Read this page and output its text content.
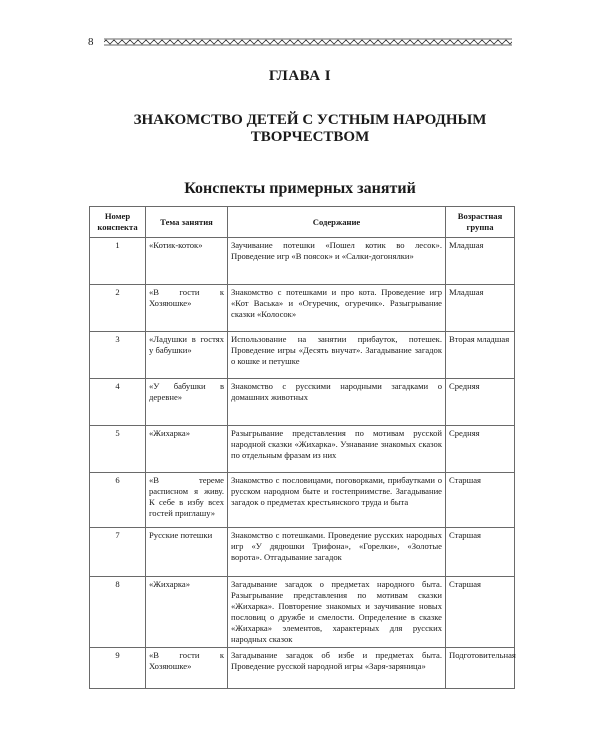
8
ГЛАВА I
ЗНАКОМСТВО ДЕТЕЙ С УСТНЫМ НАРОДНЫМ ТВОРЧЕСТВОМ
Конспекты примерных занятий
Номер конспекта	Тема занятия	Содержание	Возрастная группа
1	«Котик-коток»	Заучивание потешки «Пошел котик во лесок». Проведение игр «В поясок» и «Салки-догонялки»	Младшая
2	«В гости к Хозяюшке»	Знакомство с потешками и про кота. Проведение игр «Кот Васька» и «Огуречик, огуречик». Разыгрывание сказки «Колосок»	Младшая
3	«Ладушки в гостях у бабушки»	Использование на занятии прибауток, потешек. Проведение игры «Десять внучат». Загадывание загадок о кошке и петушке	Вторая младшая
4	«У бабушки в деревне»	Знакомство с русскими народными загадками о домашних животных	Средняя
5	«Жихарка»	Разыгрывание представления по мотивам русской народной сказки «Жихарка». Узнавание знакомых сказок по отдельным фразам из них	Средняя
6	«В тереме расписном я живу. К себе в избу всех гостей приглашу»	Знакомство с пословицами, поговорками, прибаутками о русском народном быте и гостеприимстве. Загадывание загадок о предметах крестьянского труда и быта	Старшая
7	Русские потешки	Знакомство с потешками. Проведение русских народных игр «У дядюшки Трифона», «Горелки», «Золотые ворота». Отгадывание загадок	Старшая
8	«Жихарка»	Загадывание загадок о предметах народного быта. Разыгрывание представления по мотивам сказки «Жихарка». Повторение знакомых и заучивание новых пословиц о дружбе и смелости. Определение в сказке «Жихарка» элементов, характерных для русских народных сказок	Старшая
9	«В гости к Хозяюшке»	Загадывание загадок об избе и предметах быта. Проведение русской народной игры «Заря-заряница»	Подготовительная
